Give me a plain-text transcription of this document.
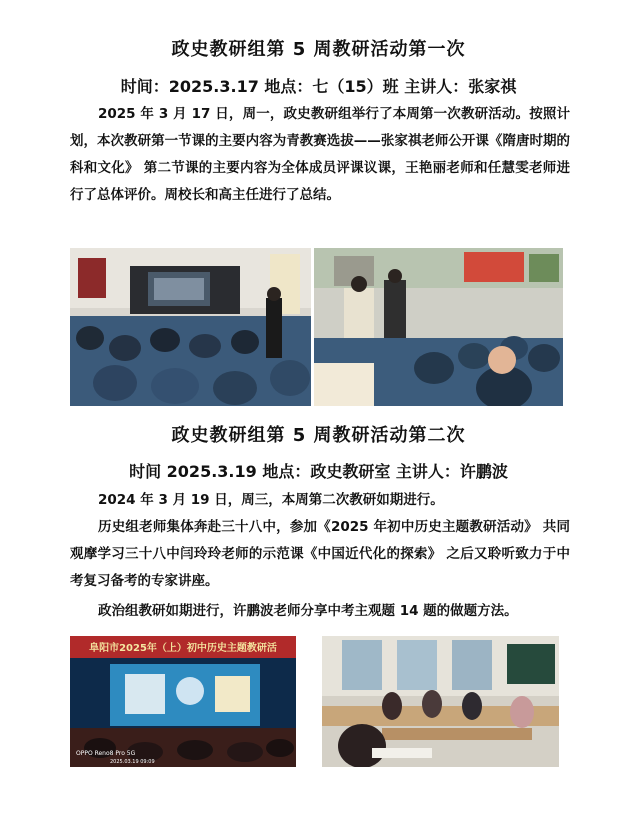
政史教研组第 5 周教研活动第一次
时间：2025.3.17 地点：七（15）班 主讲人：张家祺
2025 年 3 月 17 日，周一，政史教研组举行了本周第一次教研活动。按照计划，本次教研第一节课的主要内容为青教赛选拔——张家祺老师公开课《隋唐时期的科和文化》 第二节课的主要内容为全体成员评课议课，王艳丽老师和任慧雯老师进行了总体评价。周校长和高主任进行了总结。
政史教研组第 5 周教研活动第二次
时间 2025.3.19 地点：政史教研室 主讲人：许鹏波
2024 年 3 月 19 日，周三，本周第二次教研如期进行。
历史组老师集体奔赴三十八中，参加《2025 年初中历史主题教研活动》 共同观摩学习三十八中闫玲玲老师的示范课《中国近代化的探索》 之后又聆听致力于中考复习备考的专家讲座。
政治组教研如期进行，许鹏波老师分享中考主观题 14 题的做题方法。
阜阳市2025年（上）初中历史主题教研活
OPPO Reno8 Pro 5G
2025.03.19 09:09
